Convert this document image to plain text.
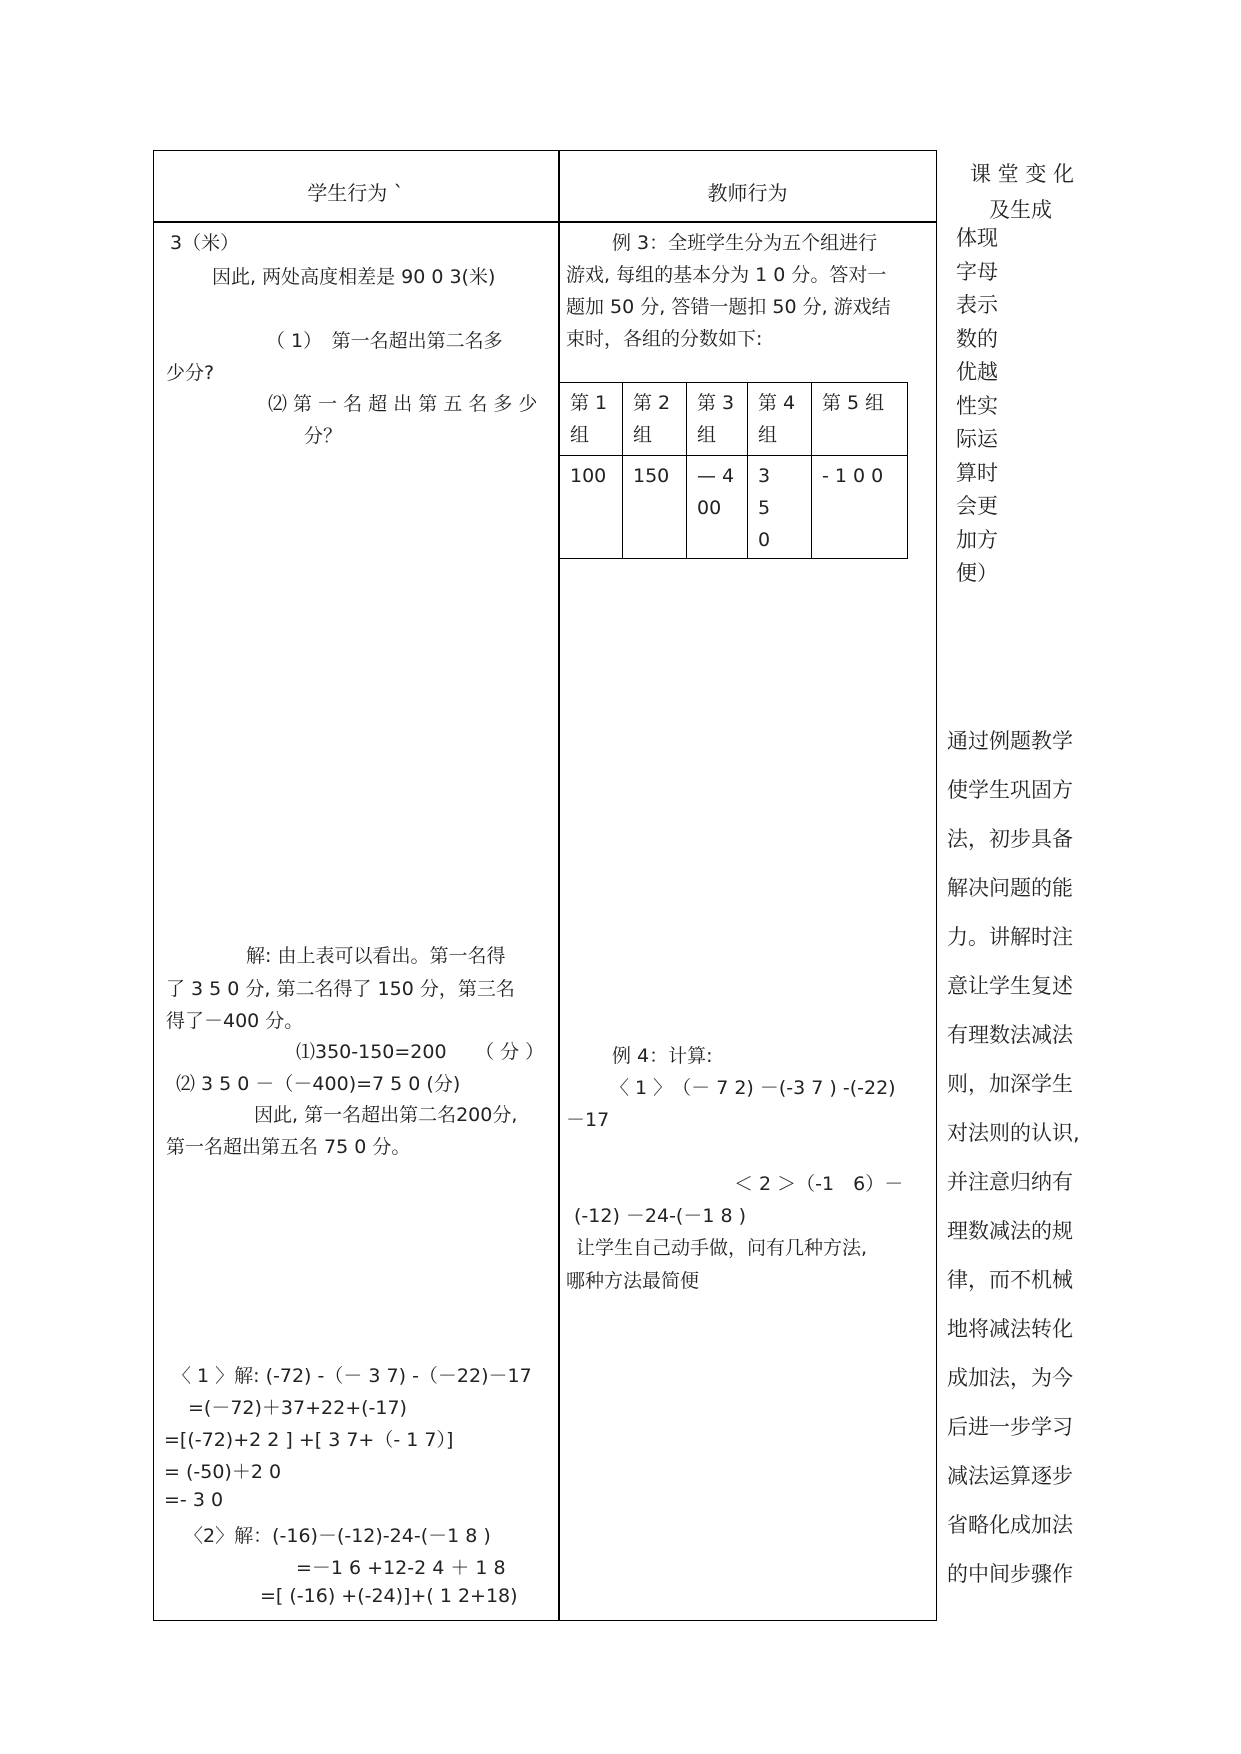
学生行为 `	教师行为
课 堂 变 化
及生成
3（米）
因此, 两处高度相差是 90 0 3(米)
（ 1）　第一名超出第二名多
少分?
⑵ 第 一 名 超 出 第 五 名 多 少
分？
解: 由上表可以看出。第一名得
了 3 5 0 分, 第二名得了 150 分，第三名
得了－400 分。
⑴350-150=200　　（ 分 ）
⑵ 3 5 0 －（－400)=7 5 0 (分)
因此, 第一名超出第二名200分,
第一名超出第五名 75 0 分。
〈 1 〉解: (-72) -（－ 3 7) -（－22)－17
=(－72)＋37+22+(-17)
=[(-72)+2 2 ] +[ 3 7+（- 1 7）]
= (-50)＋2 0
=- 3 0
〈2〉解：(-16)－(-12)-24-(－1 8 )
=－1 6 +12-2 4 ＋ 1 8
=[ (-16) +(-24)]+( 1 2+18)
例 3：全班学生分为五个组进行
游戏, 每组的基本分为 1 0 分。答对一
题加 50 分, 答错一题扣 50 分, 游戏结
束时，各组的分数如下:
第 1 组	第 2 组	第 3 组	第 4 组	第 5 组
100	150	— 400	3　5　0	- 1 0 0
例 4：计算:
〈 1 〉　（－ 7 2) －(-3 7 ) -(-22)
－17
＜ 2 ＞（-1　6）－
(-12) －24-(－1 8 )
让学生自己动手做，问有几种方法,
哪种方法最简便
体现字母表示数的优越性实际运算时会更加方便）
通过例题教学
使学生巩固方
法，初步具备
解决问题的能
力。讲解时注
意让学生复述
有理数法减法
则，加深学生
对法则的认识,
并注意归纳有
理数减法的规
律，而不机械
地将减法转化
成加法，为今
后进一步学习
减法运算逐步
省略化成加法
的中间步骤作
